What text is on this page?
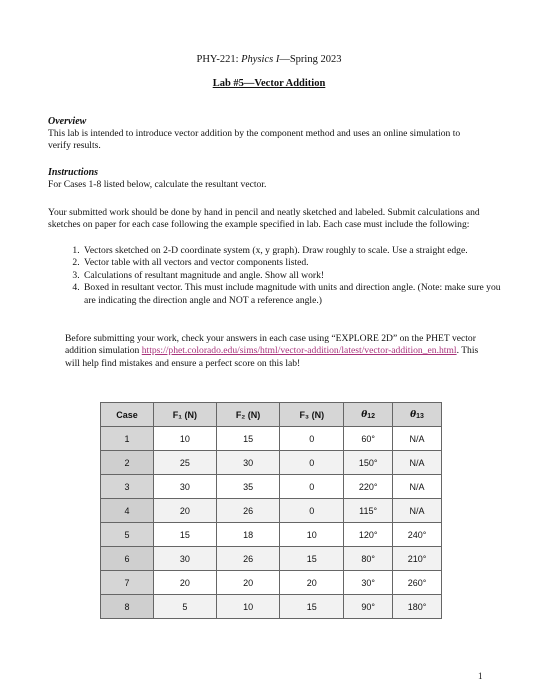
PHY-221: Physics I—Spring 2023
Lab #5—Vector Addition
Overview
This lab is intended to introduce vector addition by the component method and uses an online simulation to verify results.
Instructions
For Cases 1-8 listed below, calculate the resultant vector.
Your submitted work should be done by hand in pencil and neatly sketched and labeled. Submit calculations and sketches on paper for each case following the example specified in lab. Each case must include the following:
1. Vectors sketched on 2-D coordinate system (x, y graph). Draw roughly to scale. Use a straight edge.
2. Vector table with all vectors and vector components listed.
3. Calculations of resultant magnitude and angle. Show all work!
4. Boxed in resultant vector. This must include magnitude with units and direction angle. (Note: make sure you are indicating the direction angle and NOT a reference angle.)
Before submitting your work, check your answers in each case using “EXPLORE 2D” on the PHET vector addition simulation https://phet.colorado.edu/sims/html/vector-addition/latest/vector-addition_en.html. This will help find mistakes and ensure a perfect score on this lab!
Case	F₁ (N)	F₂ (N)	F₃ (N)	θ12	θ13
1	10	15	0	60°	N/A
2	25	30	0	150°	N/A
3	30	35	0	220°	N/A
4	20	26	0	115°	N/A
5	15	18	10	120°	240°
6	30	26	15	80°	210°
7	20	20	20	30°	260°
8	5	10	15	90°	180°
1
